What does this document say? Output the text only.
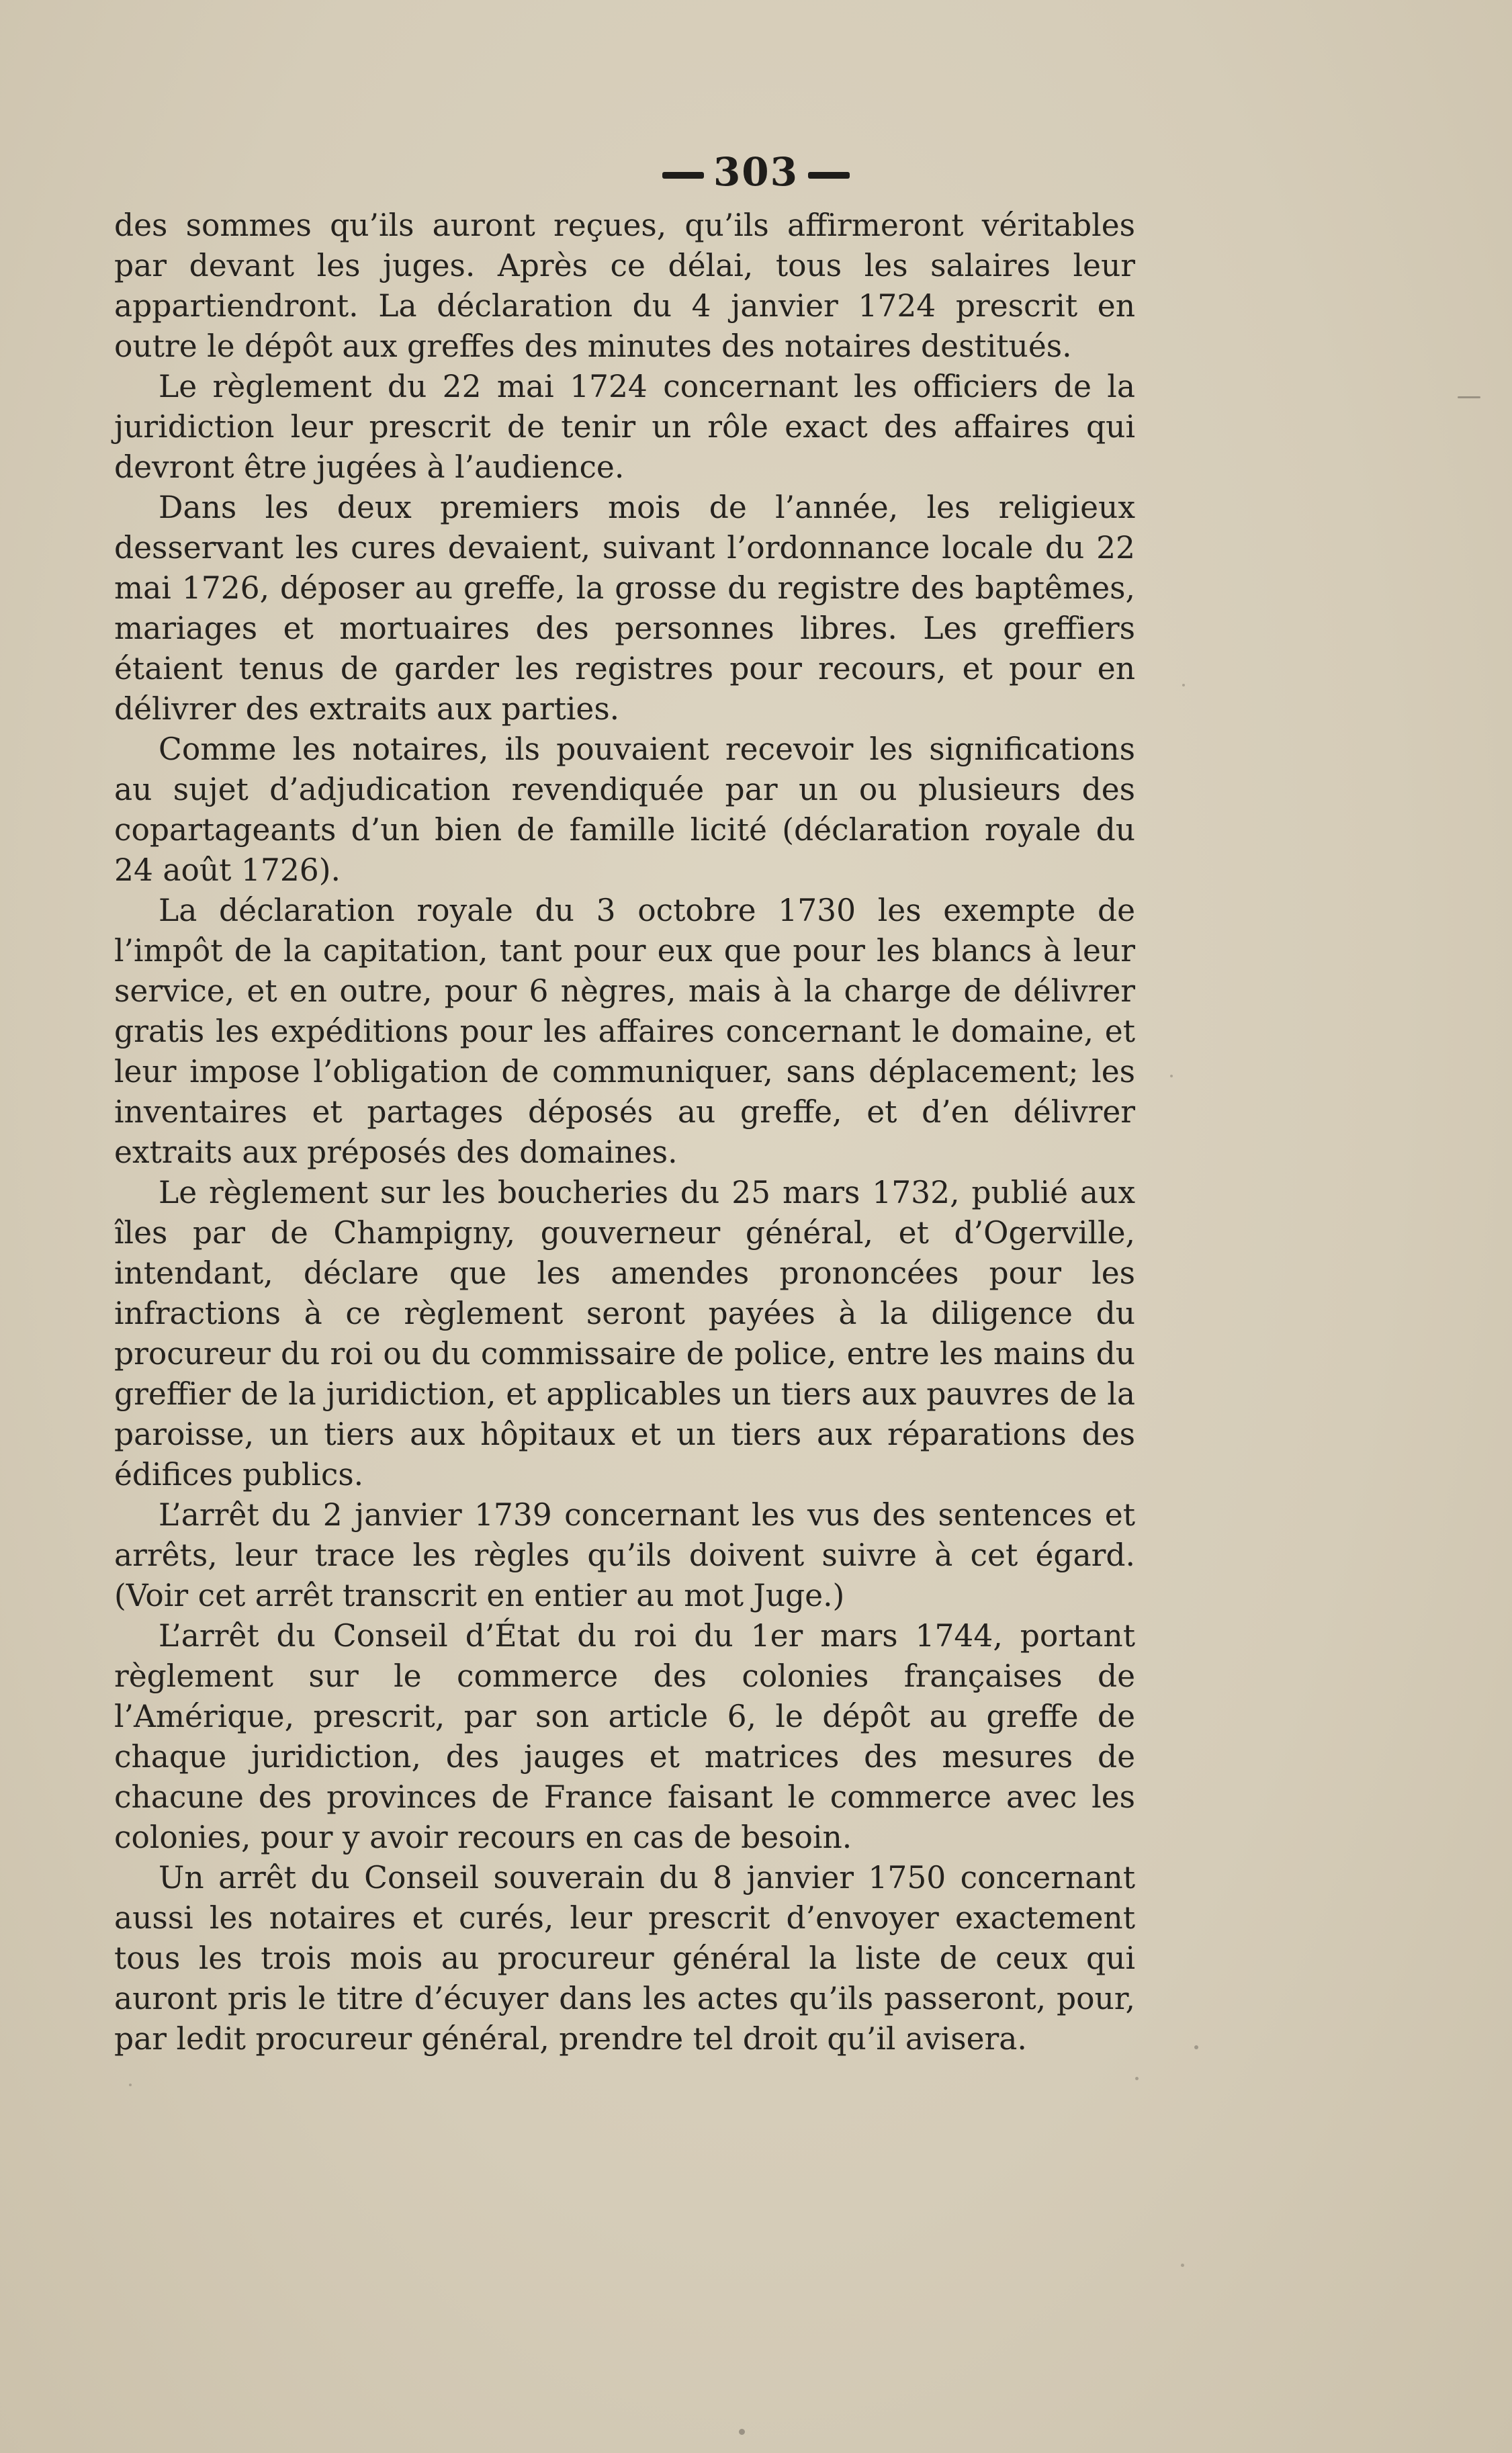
303

des sommes qu’ils auront reçues, qu’ils affirmeront véritables par devant les juges. Après ce délai, tous les salaires leur appartiendront. La déclaration du 4 janvier 1724 prescrit en outre le dépôt aux greffes des minutes des notaires destitués.

Le règlement du 22 mai 1724 concernant les officiers de la juridiction leur prescrit de tenir un rôle exact des affaires qui devront être jugées à l’audience.

Dans les deux premiers mois de l’année, les religieux desservant les cures devaient, suivant l’ordonnance locale du 22 mai 1726, déposer au greffe, la grosse du registre des baptêmes, mariages et mortuaires des personnes libres. Les greffiers étaient tenus de garder les registres pour recours, et pour en délivrer des extraits aux parties.

Comme les notaires, ils pouvaient recevoir les significations au sujet d’adjudication revendiquée par un ou plusieurs des copartageants d’un bien de famille licité (déclaration royale du 24 août 1726).

La déclaration royale du 3 octobre 1730 les exempte de l’impôt de la capitation, tant pour eux que pour les blancs à leur service, et en outre, pour 6 nègres, mais à la charge de délivrer gratis les expéditions pour les affaires concernant le domaine, et leur impose l’obligation de communiquer, sans déplacement; les inventaires et partages déposés au greffe, et d’en délivrer extraits aux préposés des domaines.

Le règlement sur les boucheries du 25 mars 1732, publié aux îles par de Champigny, gouverneur général, et d’Ogerville, intendant, déclare que les amendes prononcées pour les infractions à ce règlement seront payées à la diligence du procureur du roi ou du commissaire de police, entre les mains du greffier de la juridiction, et applicables un tiers aux pauvres de la paroisse, un tiers aux hôpitaux et un tiers aux réparations des édifices publics.

L’arrêt du 2 janvier 1739 concernant les vus des sentences et arrêts, leur trace les règles qu’ils doivent suivre à cet égard. (Voir cet arrêt transcrit en entier au mot Juge.)

L’arrêt du Conseil d’État du roi du 1er mars 1744, portant règlement sur le commerce des colonies françaises de l’Amérique, prescrit, par son article 6, le dépôt au greffe de chaque juridiction, des jauges et matrices des mesures de chacune des provinces de France faisant le commerce avec les colonies, pour y avoir recours en cas de besoin.

Un arrêt du Conseil souverain du 8 janvier 1750 concernant aussi les notaires et curés, leur prescrit d’envoyer exactement tous les trois mois au procureur général la liste de ceux qui auront pris le titre d’écuyer dans les actes qu’ils passeront, pour, par ledit procureur général, prendre tel droit qu’il avisera.
